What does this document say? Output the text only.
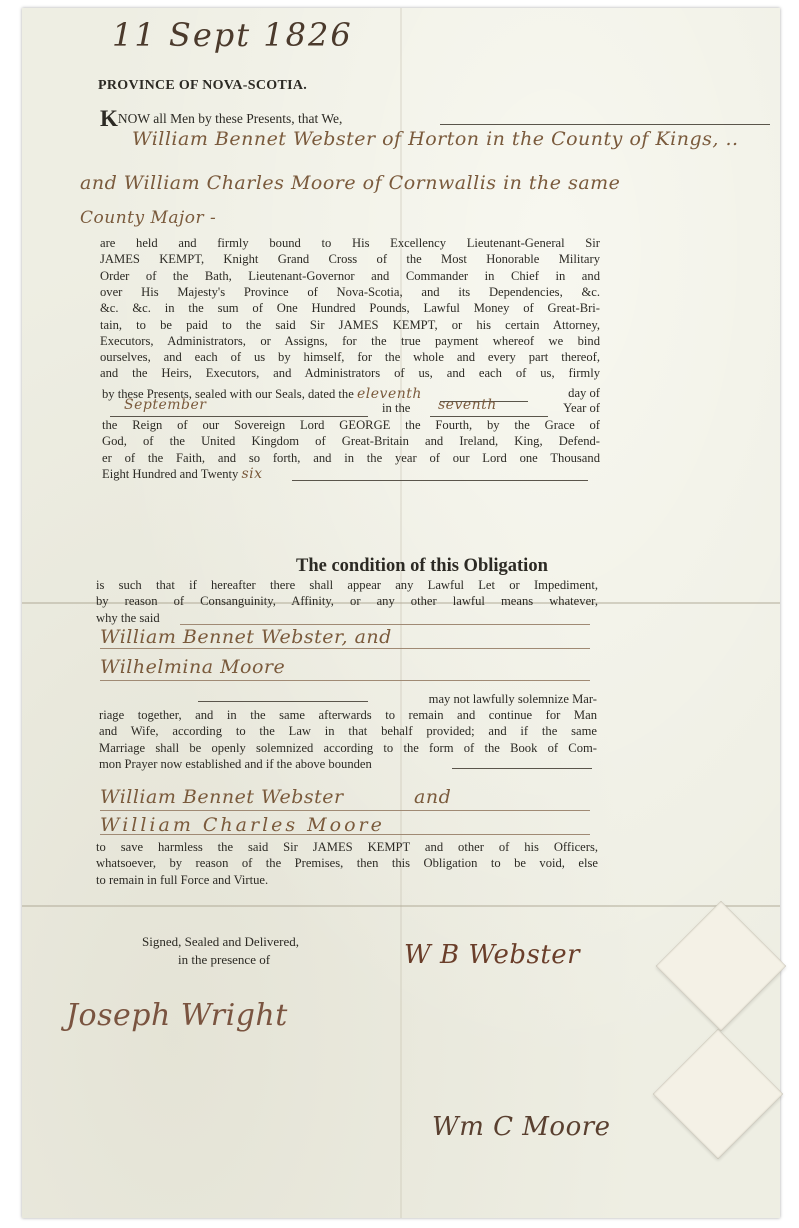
11 Sept 1826
PROVINCE OF NOVA-SCOTIA.
KNOW all Men by these Presents, that We,
William Bennet Webster of Horton in the County of Kings, ..
and William Charles Moore of Cornwallis in the same
County Major -
are held and firmly bound to His Excellency Lieutenant-General Sir
JAMES KEMPT, Knight Grand Cross of the Most Honorable Military
Order of the Bath, Lieutenant-Governor and Commander in Chief in and
over His Majesty's Province of Nova-Scotia, and its Dependencies, &c.
&c. &c. in the sum of One Hundred Pounds, Lawful Money of Great-Bri-
tain, to be paid to the said Sir JAMES KEMPT, or his certain Attorney,
Executors, Administrators, or Assigns, for the true payment whereof we bind
ourselves, and each of us by himself, for the whole and every part thereof,
and the Heirs, Executors, and Administrators of us, and each of us, firmly
by these Presents, sealed with our Seals, dated the eleventh	day of
September	in the seventh	Year of
the Reign of our Sovereign Lord GEORGE the Fourth, by the Grace of
God, of the United Kingdom of Great-Britain and Ireland, King, Defend-
er of the Faith, and so forth, and in the year of our Lord one Thousand
Eight Hundred and Twenty six
The condition of this Obligation
is such that if hereafter there shall appear any Lawful Let or Impediment,
by reason of Consanguinity, Affinity, or any other lawful means whatever,
why the said
William Bennet Webster, and
Wilhelmina Moore
may not lawfully solemnize Mar-
riage together, and in the same afterwards to remain and continue for Man
and Wife, according to the Law in that behalf provided; and if the same
Marriage shall be openly solemnized according to the form of the Book of Com-
mon Prayer now established and if the above bounden
William Bennet Webster	and
William Charles Moore
to save harmless the said Sir JAMES KEMPT and other of his Officers,
whatsoever, by reason of the Premises, then this Obligation to be void, else
to remain in full Force and Virtue.
Signed, Sealed and Delivered,
in the presence of	W B Webster
Joseph Wright
Wm C Moore
